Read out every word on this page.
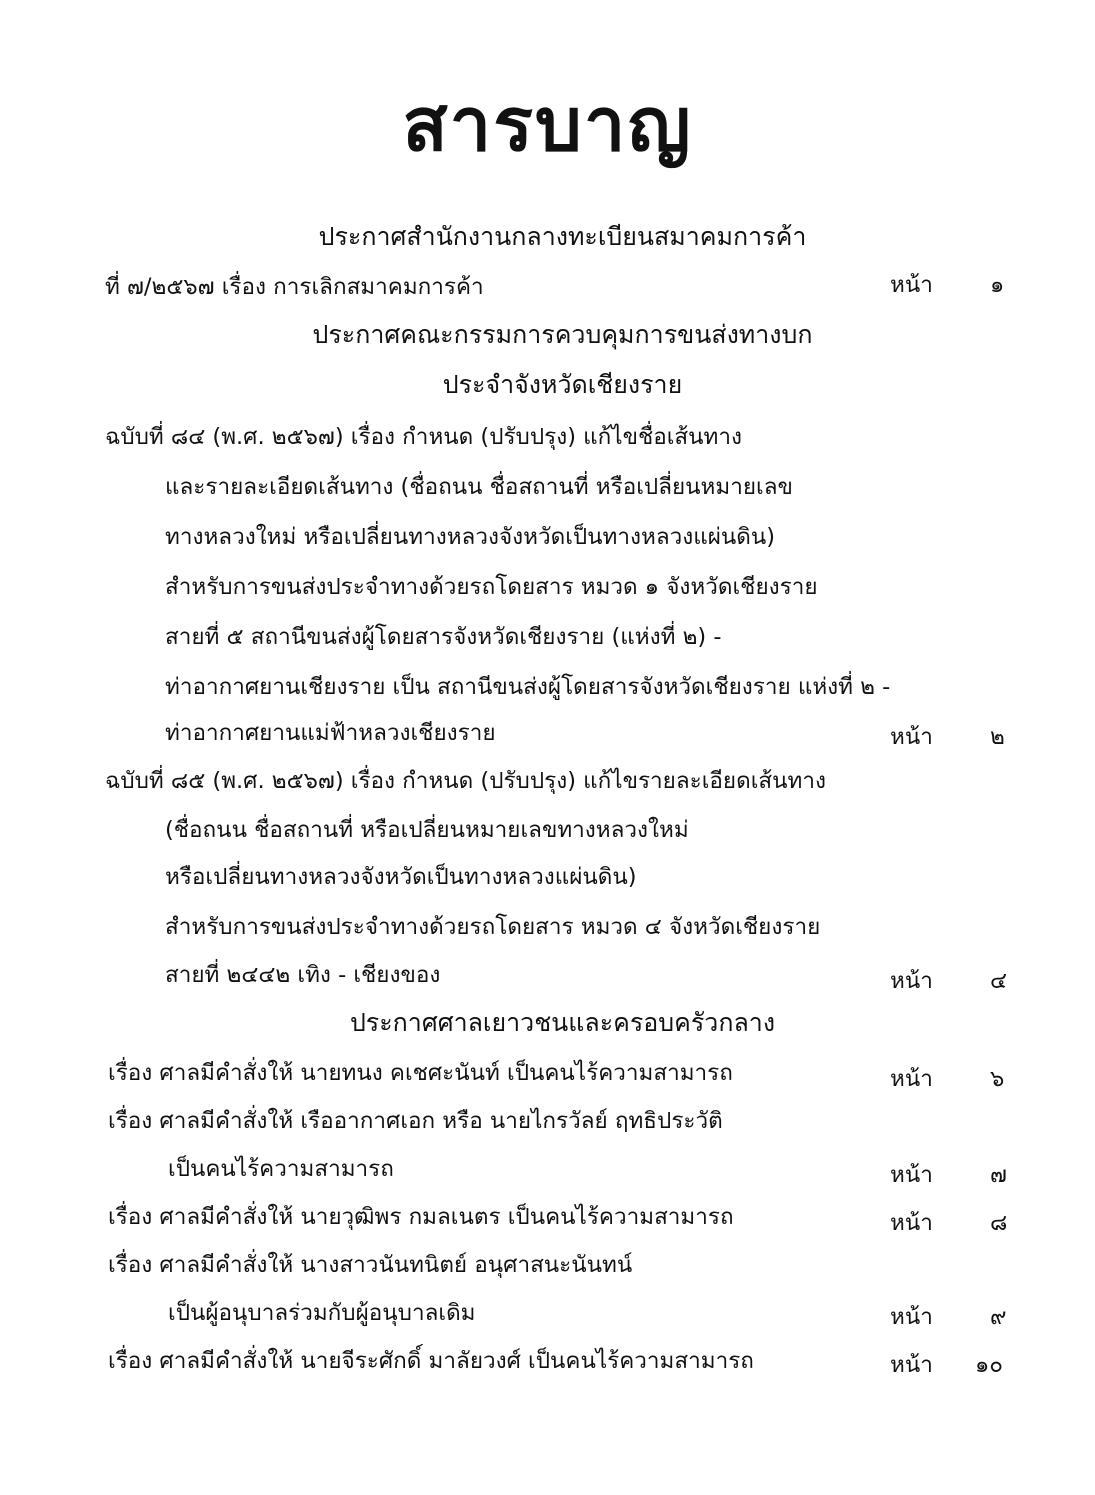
สารบาญ
ประกาศสำนักงานกลางทะเบียนสมาคมการค้า
ที่ ๗/๒๕๖๗ เรื่อง การเลิกสมาคมการค้า	หน้า	๑
ประกาศคณะกรรมการควบคุมการขนส่งทางบก
ประจำจังหวัดเชียงราย
ฉบับที่ ๘๔ (พ.ศ. ๒๕๖๗) เรื่อง กำหนด (ปรับปรุง) แก้ไขชื่อเส้นทาง
และรายละเอียดเส้นทาง (ชื่อถนน ชื่อสถานที่ หรือเปลี่ยนหมายเลข
ทางหลวงใหม่ หรือเปลี่ยนทางหลวงจังหวัดเป็นทางหลวงแผ่นดิน)
สำหรับการขนส่งประจำทางด้วยรถโดยสาร หมวด ๑ จังหวัดเชียงราย
สายที่ ๕ สถานีขนส่งผู้โดยสารจังหวัดเชียงราย (แห่งที่ ๒) -
ท่าอากาศยานเชียงราย เป็น สถานีขนส่งผู้โดยสารจังหวัดเชียงราย แห่งที่ ๒ -
ท่าอากาศยานแม่ฟ้าหลวงเชียงราย	หน้า	๒
ฉบับที่ ๘๕ (พ.ศ. ๒๕๖๗) เรื่อง กำหนด (ปรับปรุง) แก้ไขรายละเอียดเส้นทาง
(ชื่อถนน ชื่อสถานที่ หรือเปลี่ยนหมายเลขทางหลวงใหม่
หรือเปลี่ยนทางหลวงจังหวัดเป็นทางหลวงแผ่นดิน)
สำหรับการขนส่งประจำทางด้วยรถโดยสาร หมวด ๔ จังหวัดเชียงราย
สายที่ ๒๔๔๒ เทิง - เชียงของ	หน้า	๔
ประกาศศาลเยาวชนและครอบครัวกลาง
เรื่อง ศาลมีคำสั่งให้ นายทนง คเชศะนันท์ เป็นคนไร้ความสามารถ	หน้า	๖
เรื่อง ศาลมีคำสั่งให้ เรืออากาศเอก หรือ นายไกรวัลย์ ฤทธิประวัติ
เป็นคนไร้ความสามารถ	หน้า	๗
เรื่อง ศาลมีคำสั่งให้ นายวุฒิพร กมลเนตร เป็นคนไร้ความสามารถ	หน้า	๘
เรื่อง ศาลมีคำสั่งให้ นางสาวนันทนิตย์ อนุศาสนะนันทน์
เป็นผู้อนุบาลร่วมกับผู้อนุบาลเดิม	หน้า	๙
เรื่อง ศาลมีคำสั่งให้ นายจีระศักดิ์ มาลัยวงศ์ เป็นคนไร้ความสามารถ	หน้า ๑๐
